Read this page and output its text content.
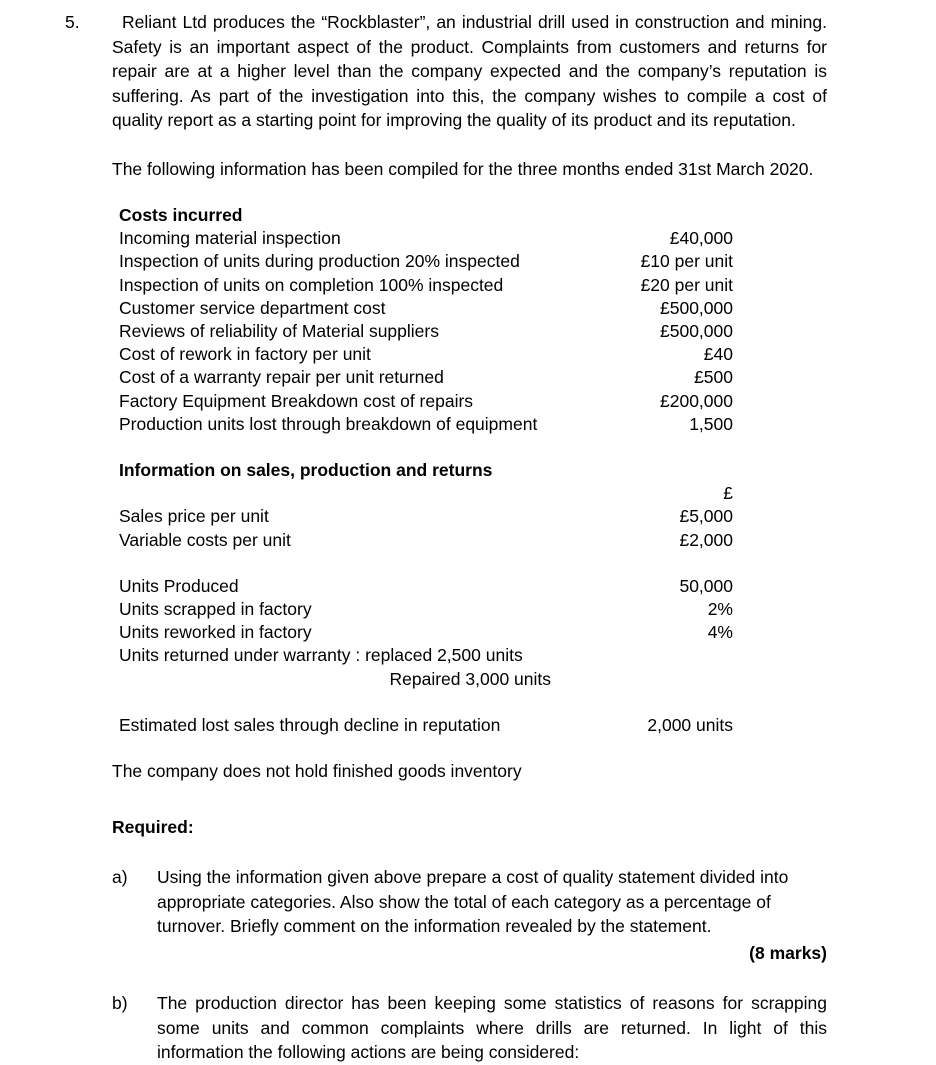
5.	Reliant Ltd produces the “Rockblaster”, an industrial drill used in construction and mining. Safety is an important aspect of the product. Complaints from customers and returns for repair are at a higher level than the company expected and the company’s reputation is suffering. As part of the investigation into this, the company wishes to compile a cost of quality report as a starting point for improving the quality of its product and its reputation.
The following information has been compiled for the three months ended 31st March 2020.
Costs incurred
Incoming material inspection	£40,000
Inspection of units during production 20% inspected	£10 per unit
Inspection of units on completion 100% inspected	£20 per unit
Customer service department cost	£500,000
Reviews of reliability of Material suppliers	£500,000
Cost of rework in factory per unit	£40
Cost of a warranty repair per unit returned	£500
Factory Equipment Breakdown cost of repairs	£200,000
Production units lost through breakdown of equipment	1,500
Information on sales, production and returns
£
Sales price per unit	£5,000
Variable costs per unit	£2,000
Units Produced	50,000
Units scrapped in factory	2%
Units reworked in factory	4%
Units returned under warranty : replaced 2,500 units
Repaired 3,000 units
Estimated lost sales through decline in reputation	2,000 units
The company does not hold finished goods inventory
Required:
a) Using the information given above prepare a cost of quality statement divided into appropriate categories. Also show the total of each category as a percentage of turnover. Briefly comment on the information revealed by the statement.
(8 marks)
b) The production director has been keeping some statistics of reasons for scrapping some units and common complaints where drills are returned. In light of this information the following actions are being considered:
